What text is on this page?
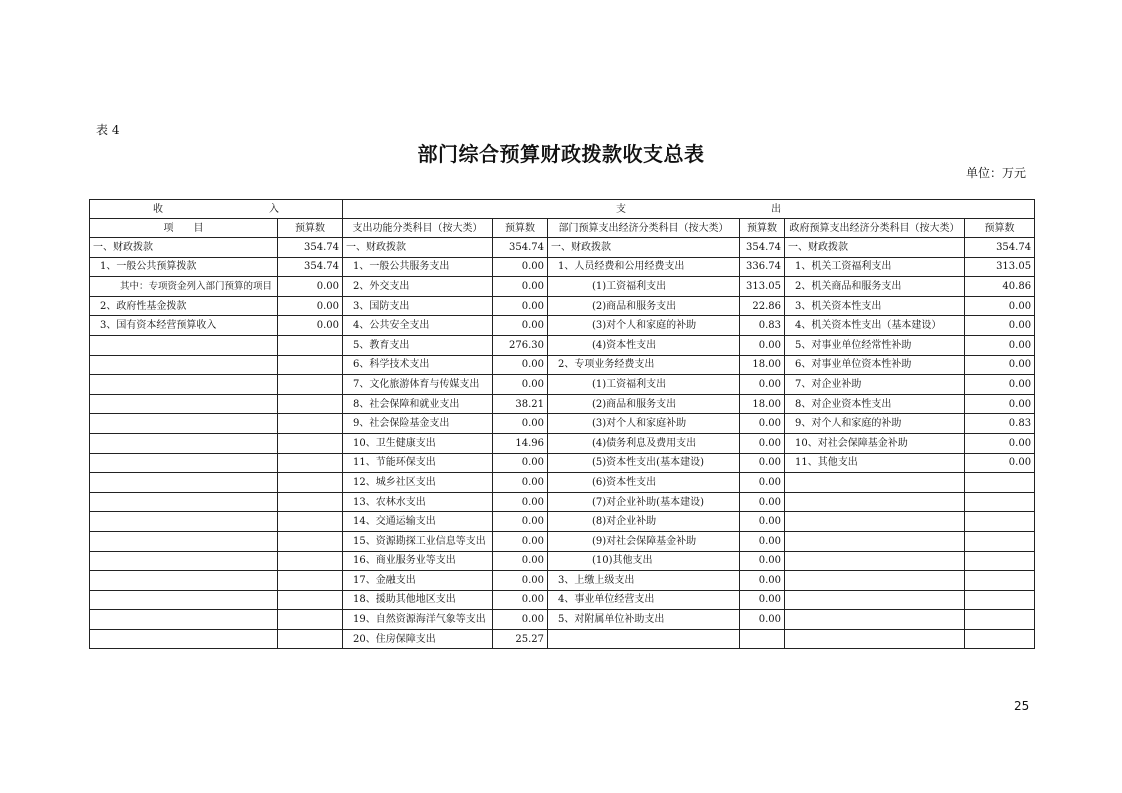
表 4
部门综合预算财政拨款收支总表
单位：万元
收 入		支 出					

项　　目	预算数	支出功能分类科目（按大类）	预算数	部门预算支出经济分类科目（按大类）	预算数	政府预算支出经济分类科目（按大类）	预算数
一、财政拨款	354.74	一、财政拨款	354.74	一、财政拨款	354.74	一、财政拨款	354.74
1、一般公共预算拨款	354.74	1、一般公共服务支出	0.00	1、人员经费和公用经费支出	336.74	1、机关工资福利支出	313.05
其中：专项资金列入部门预算的项目	0.00	2、外交支出	0.00	(1)工资福利支出	313.05	2、机关商品和服务支出	40.86
2、政府性基金拨款	0.00	3、国防支出	0.00	(2)商品和服务支出	22.86	3、机关资本性支出	0.00
3、国有资本经营预算收入	0.00	4、公共安全支出	0.00	(3)对个人和家庭的补助	0.83	4、机关资本性支出（基本建设）	0.00
		5、教育支出	276.30	(4)资本性支出	0.00	5、对事业单位经常性补助	0.00
		6、科学技术支出	0.00	2、专项业务经费支出	18.00	6、对事业单位资本性补助	0.00
		7、文化旅游体育与传媒支出	0.00	(1)工资福利支出	0.00	7、对企业补助	0.00
		8、社会保障和就业支出	38.21	(2)商品和服务支出	18.00	8、对企业资本性支出	0.00
		9、社会保险基金支出	0.00	(3)对个人和家庭补助	0.00	9、对个人和家庭的补助	0.83
		10、卫生健康支出	14.96	(4)债务利息及费用支出	0.00	10、对社会保障基金补助	0.00
		11、节能环保支出	0.00	(5)资本性支出(基本建设)	0.00	11、其他支出	0.00
		12、城乡社区支出	0.00	(6)资本性支出	0.00		
		13、农林水支出	0.00	(7)对企业补助(基本建设)	0.00		
		14、交通运输支出	0.00	(8)对企业补助	0.00		
		15、资源勘探工业信息等支出	0.00	(9)对社会保障基金补助	0.00		
		16、商业服务业等支出	0.00	(10)其他支出	0.00		
		17、金融支出	0.00	3、上缴上级支出	0.00		
		18、援助其他地区支出	0.00	4、事业单位经营支出	0.00		
		19、自然资源海洋气象等支出	0.00	5、对附属单位补助支出	0.00		
		20、住房保障支出	25.27				
25
